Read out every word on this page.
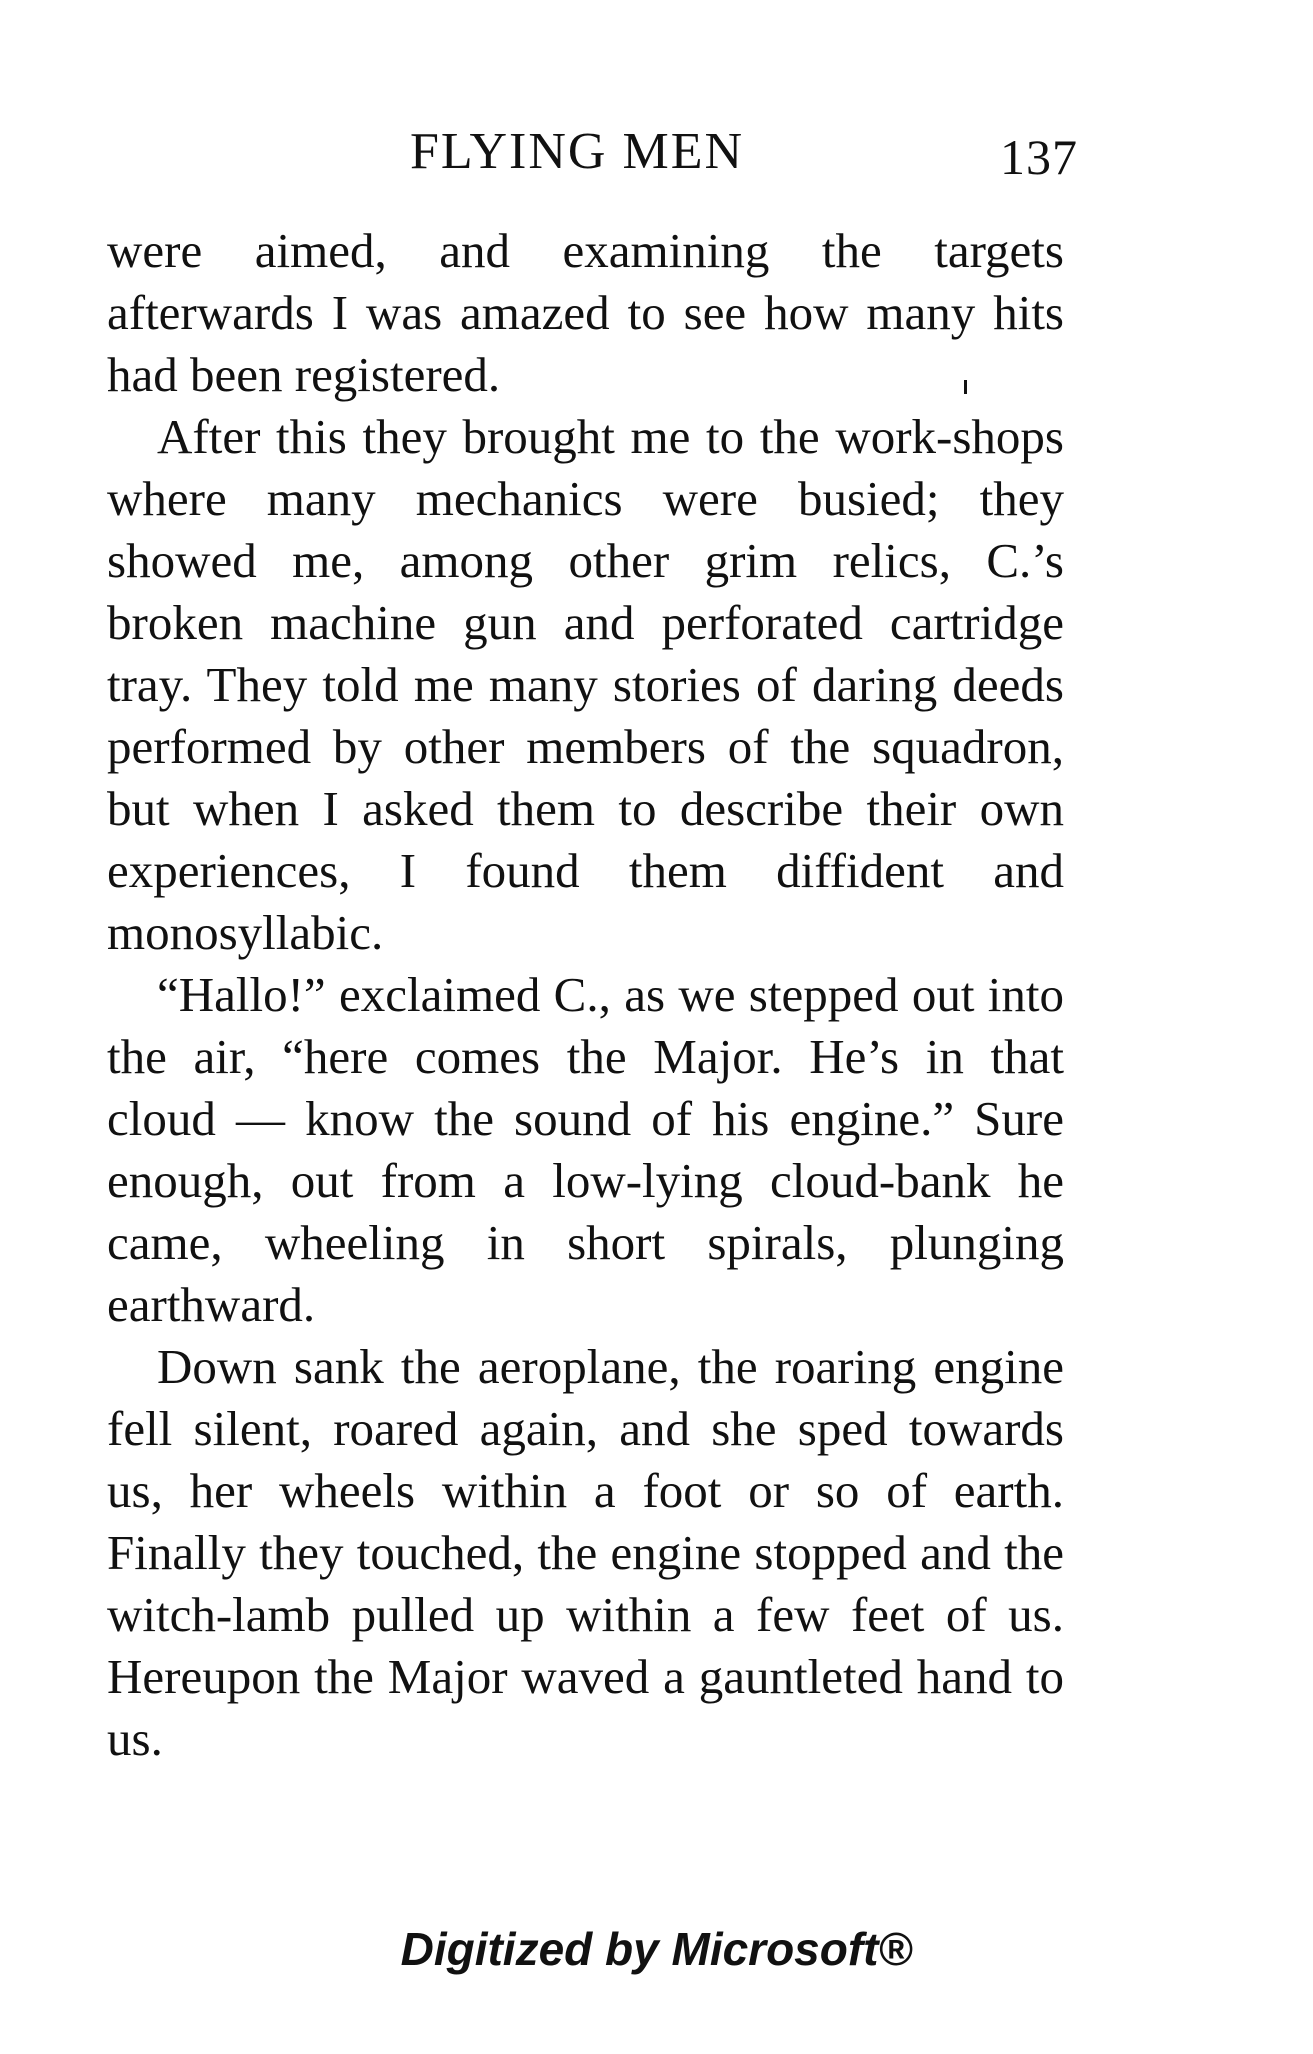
FLYING MEN	137

were aimed, and examining the targets afterwards I was amazed to see how many hits had been registered.

After this they brought me to the work-shops where many mechanics were busied; they showed me, among other grim relics, C.’s broken machine gun and perforated cartridge tray. They told me many stories of daring deeds performed by other members of the squadron, but when I asked them to describe their own experiences, I found them diffident and monosyllabic.

“Hallo!” exclaimed C., as we stepped out into the air, “here comes the Major. He’s in that cloud — know the sound of his engine.” Sure enough, out from a low-lying cloud-bank he came, wheeling in short spirals, plunging earthward.

Down sank the aeroplane, the roaring engine fell silent, roared again, and she sped towards us, her wheels within a foot or so of earth. Finally they touched, the engine stopped and the witch-lamb pulled up within a few feet of us. Hereupon the Major waved a gauntleted hand to us.

Digitized by Microsoft®
